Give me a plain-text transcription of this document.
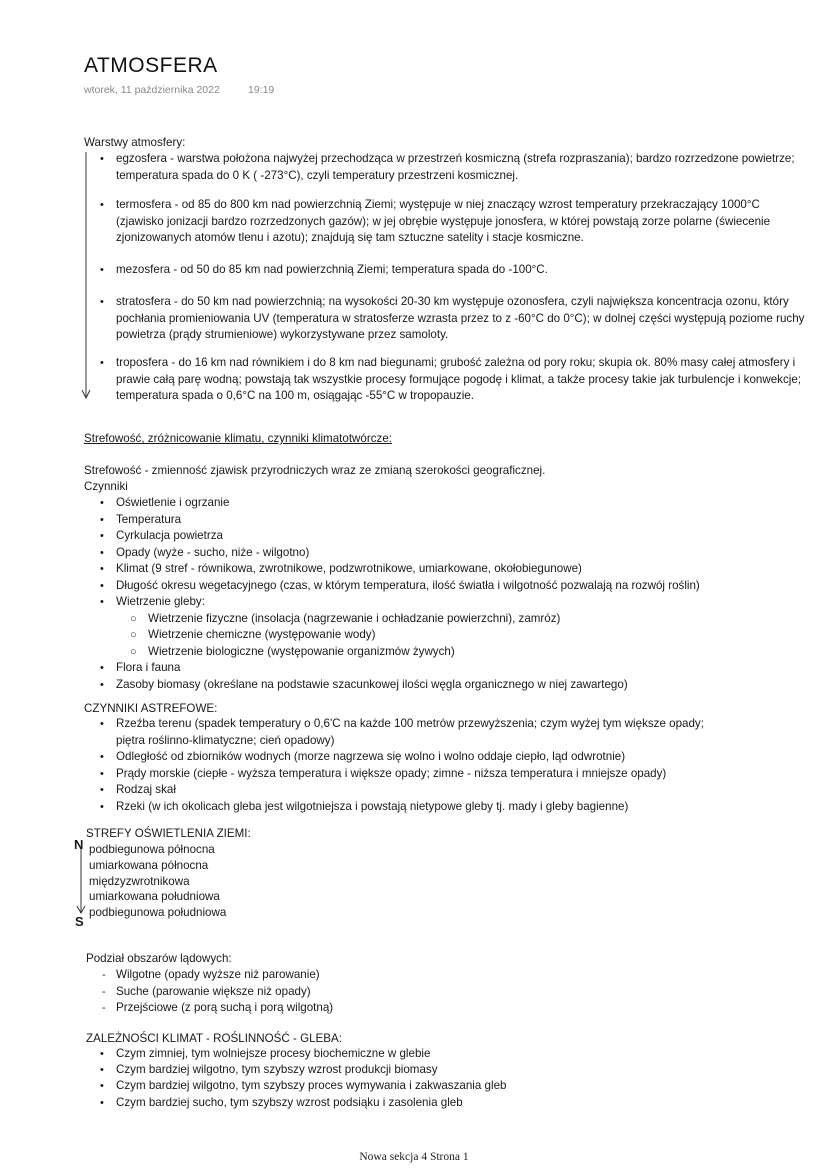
ATMOSFERA
wtorek, 11 października 2022	19:19
Warstwy atmosfery:
• egzosfera - warstwa położona najwyżej przechodząca w przestrzeń kosmiczną (strefa rozpraszania); bardzo rozrzedzone powietrze;
temperatura spada do 0 K ( -273°C), czyli temperatury przestrzeni kosmicznej.
• termosfera - od 85 do 800 km nad powierzchnią Ziemi; występuje w niej znaczący wzrost temperatury przekraczający 1000°C
(zjawisko jonizacji bardzo rozrzedzonych gazów); w jej obrębie występuje jonosfera, w której powstają zorze polarne (świecenie
zjonizowanych atomów tlenu i azotu); znajdują się tam sztuczne satelity i stacje kosmiczne.
• mezosfera - od 50 do 85 km nad powierzchnią Ziemi; temperatura spada do -100°C.
• stratosfera - do 50 km nad powierzchnią; na wysokości 20-30 km występuje ozonosfera, czyli największa koncentracja ozonu, który
pochłania promieniowania UV (temperatura w stratosferze wzrasta przez to z -60°C do 0°C); w dolnej części występują poziome ruchy
powietrza (prądy strumieniowe) wykorzystywane przez samoloty.
• troposfera - do 16 km nad równikiem i do 8 km nad biegunami; grubość zależna od pory roku; skupia ok. 80% masy całej atmosfery i
prawie całą parę wodną; powstają tak wszystkie procesy formujące pogodę i klimat, a także procesy takie jak turbulencje i konwekcje;
temperatura spada o 0,6°C na 100 m, osiągając -55°C w tropopauzie.
Strefowość, zróżnicowanie klimatu, czynniki klimatotwórcze:
Strefowość - zmienność zjawisk przyrodniczych wraz ze zmianą szerokości geograficznej.
Czynniki
• Oświetlenie i ogrzanie
• Temperatura
• Cyrkulacja powietrza
• Opady (wyże - sucho, niże - wilgotno)
• Klimat (9 stref - równikowa, zwrotnikowe, podzwrotnikowe, umiarkowane, okołobiegunowe)
• Długość okresu wegetacyjnego (czas, w którym temperatura, ilość światła i wilgotność pozwalają na rozwój roślin)
• Wietrzenie gleby:
○ Wietrzenie fizyczne (insolacja (nagrzewanie i ochładzanie powierzchni), zamróz)
○ Wietrzenie chemiczne (występowanie wody)
○ Wietrzenie biologiczne (występowanie organizmów żywych)
• Flora i fauna
• Zasoby biomasy (określane na podstawie szacunkowej ilości węgla organicznego w niej zawartego)
CZYNNIKI ASTREFOWE:
• Rzeźba terenu (spadek temperatury o 0,6'C na każde 100 metrów przewyższenia; czym wyżej tym większe opady;
piętra roślinno-klimatyczne; cień opadowy)
• Odległość od zbiorników wodnych (morze nagrzewa się wolno i wolno oddaje ciepło, ląd odwrotnie)
• Prądy morskie (ciepłe - wyższa temperatura i większe opady; zimne - niższa temperatura i mniejsze opady)
• Rodzaj skał
• Rzeki (w ich okolicach gleba jest wilgotniejsza i powstają nietypowe gleby tj. mady i gleby bagienne)
STREFY OŚWIETLENIA ZIEMI:
N
S
podbiegunowa północna
umiarkowana północna
międzyzwrotnikowa
umiarkowana południowa
podbiegunowa południowa
Podział obszarów lądowych:
- Wilgotne (opady wyższe niż parowanie)
- Suche (parowanie większe niż opady)
- Przejściowe (z porą suchą i porą wilgotną)
ZALEŻNOŚCI KLIMAT - ROŚLINNOŚĆ - GLEBA:
• Czym zimniej, tym wolniejsze procesy biochemiczne w glebie
• Czym bardziej wilgotno, tym szybszy wzrost produkcji biomasy
• Czym bardziej wilgotno, tym szybszy proces wymywania i zakwaszania gleb
• Czym bardziej sucho, tym szybszy wzrost podsiąku i zasolenia gleb
Nowa sekcja 4 Strona 1
